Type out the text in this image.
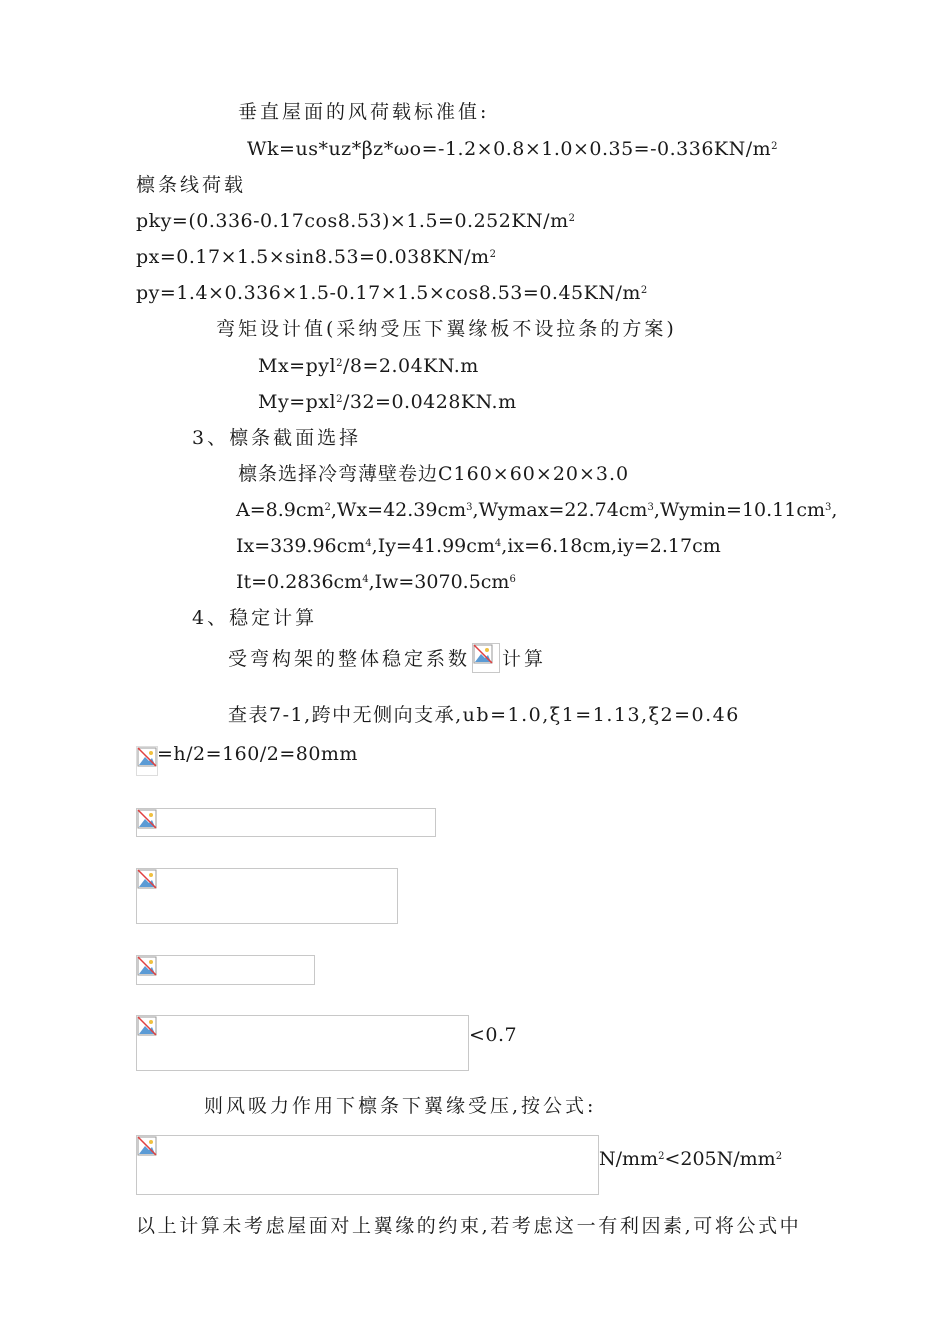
垂直屋面的风荷载标准值:
$Wk=us*uz*\beta z*\omega o=-1.2\times 0.8\times 1.0\times 0.35=-0.336KN/m^2$
檩条线荷载
$pky=(0.336-0.17\cos 8.53)\times 1.5=0.252KN/m^2$
$px=0.17\times 1.5\times\sin 8.53=0.038KN/m^2$
$py=1.4\times 0.336\times 1.5-0.17\times 1.5\times\cos 8.53=0.45KN/m^2$
弯矩设计值(采纳受压下翼缘板不设拉条的方案)
Mx=pyl$^2$/8=2.04KN.m
My=pxl$^2$/32=0.0428KN.m
3、檩条截面选择
檩条选择冷弯薄壁卷边C160×60×20×3.0
$A=8.9cm^2,Wx=42.39cm^3,Wymax=22.74cm^3,Wymin=10.11cm^3$,
$Ix=339.96cm^4,Iy=41.99cm^4,ix=6.18cm,iy=2.17cm$
$It=0.2836cm^4,Iw=3070.5cm^6$
4、稳定计算
受弯构架的整体稳定系数 计算
查表7-1,跨中无侧向支承,ub=1.0,ξ1=1.13,ξ2=0.46
=h/2=160/2=80mm
<0.7
则风吸力作用下檩条下翼缘受压,按公式:
$N/mm^2<205N/mm^2$
以上计算未考虑屋面对上翼缘的约束,若考虑这一有利因素,可将公式中
